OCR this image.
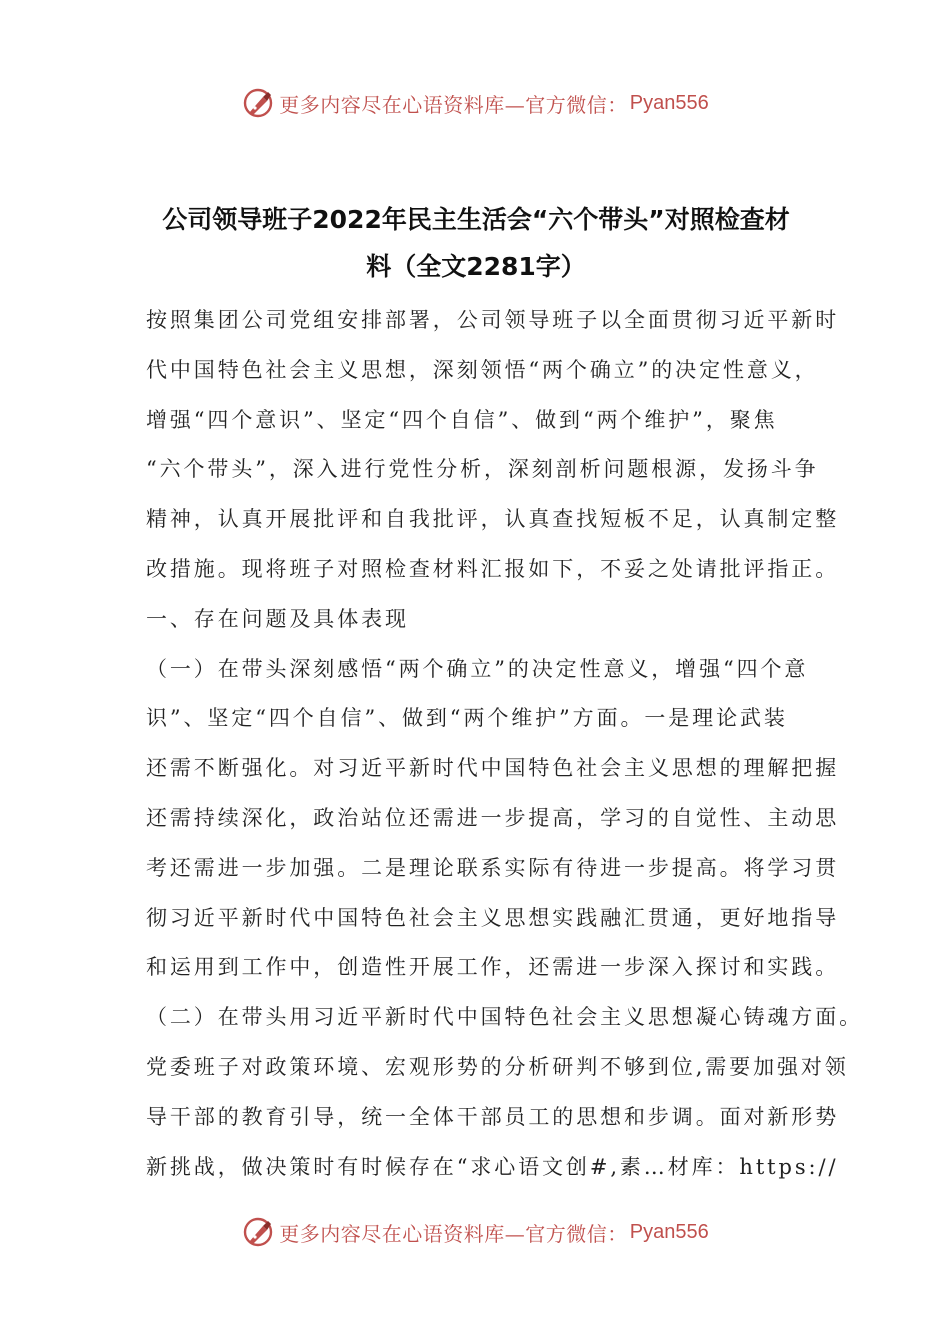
更多内容尽在心语资料库—官方微信： Pyan556
公司领导班子2022年民主生活会“六个带头”对照检查材
料（全文2281字）
按照集团公司党组安排部署，公司领导班子以全面贯彻习近平新时
代中国特色社会主义思想，深刻领悟“两个确立”的决定性意义，
增强“四个意识”、坚定“四个自信”、做到“两个维护”，聚焦
“六个带头”，深入进行党性分析，深刻剖析问题根源，发扬斗争
精神，认真开展批评和自我批评，认真查找短板不足，认真制定整
改措施。现将班子对照检查材料汇报如下，不妥之处请批评指正。
一、存在问题及具体表现
（一）在带头深刻感悟“两个确立”的决定性意义，增强“四个意
识”、坚定“四个自信”、做到“两个维护”方面。一是理论武装
还需不断强化。对习近平新时代中国特色社会主义思想的理解把握
还需持续深化，政治站位还需进一步提高，学习的自觉性、主动思
考还需进一步加强。二是理论联系实际有待进一步提高。将学习贯
彻习近平新时代中国特色社会主义思想实践融汇贯通，更好地指导
和运用到工作中，创造性开展工作，还需进一步深入探讨和实践。
（二）在带头用习近平新时代中国特色社会主义思想凝心铸魂方面。
党委班子对政策环境、宏观形势的分析研判不够到位,需要加强对领
导干部的教育引导，统一全体干部员工的思想和步调。面对新形势
新挑战，做决策时有时候存在“求心语文创#,素…材库：https://
更多内容尽在心语资料库—官方微信： Pyan556
